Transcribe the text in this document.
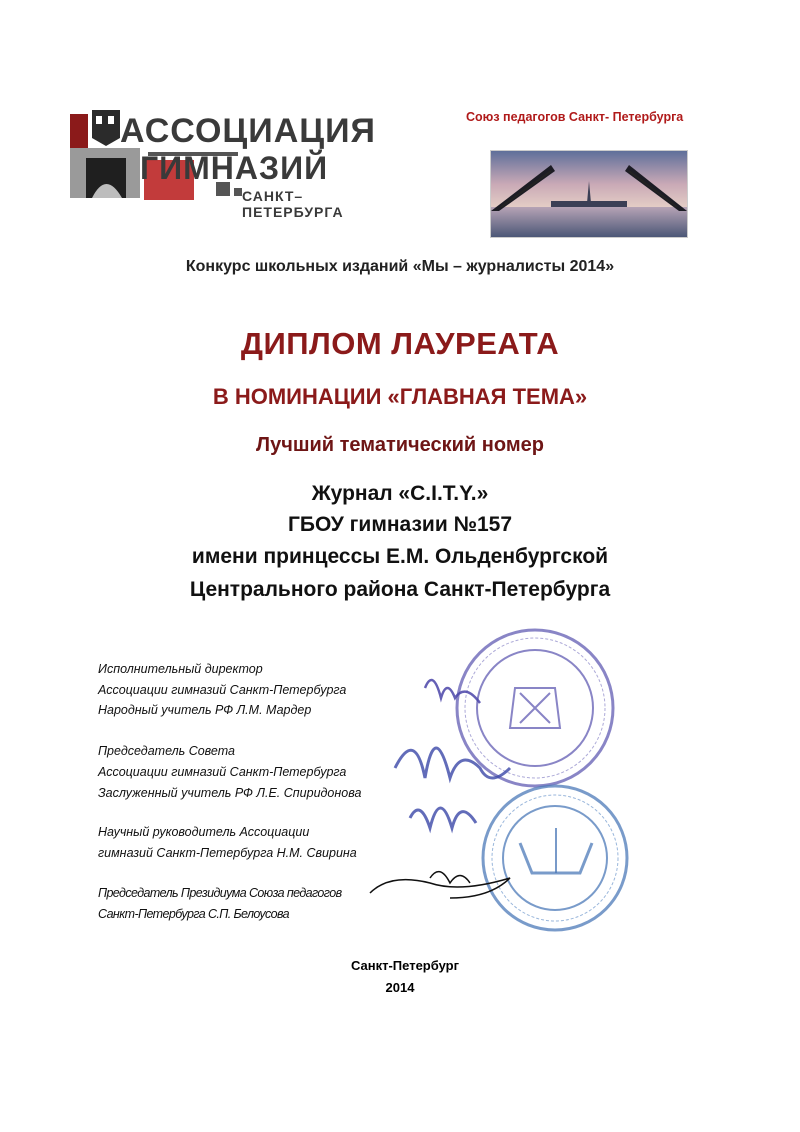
АССОЦИАЦИЯ
ГИМНАЗИЙ
САНКТ–ПЕТЕРБУРГА
Союз педагогов Санкт- Петербурга
Конкурс школьных изданий «Мы – журналисты 2014»
ДИПЛОМ ЛАУРЕАТА
В НОМИНАЦИИ «ГЛАВНАЯ ТЕМА»
Лучший тематический номер
Журнал «C.I.T.Y.»
ГБОУ гимназии №157
имени принцессы Е.М. Ольденбургской
Центрального района Санкт-Петербурга
Исполнительный директор
Ассоциации гимназий Санкт-Петербурга
Народный учитель РФ Л.М. Мардер
Председатель Совета
Ассоциации гимназий Санкт-Петербурга
Заслуженный учитель РФ Л.Е. Спиридонова
Научный руководитель Ассоциации
гимназий Санкт-Петербурга Н.М. Свирина
Председатель Президиума Союза педагогов
Санкт-Петербурга С.П. Белоусова
Санкт-Петербург
2014
